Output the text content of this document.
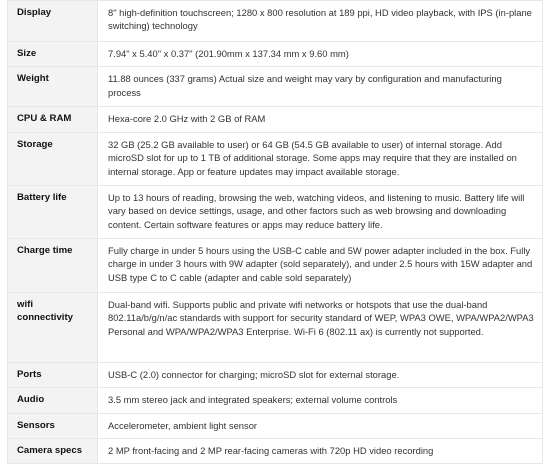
Display	8" high-definition touchscreen; 1280 x 800 resolution at 189 ppi, HD video playback, with IPS (in-plane switching) technology
Size	7.94" x 5.40" x 0.37" (201.90mm x 137.34 mm x 9.60 mm)
Weight	11.88 ounces (337 grams) Actual size and weight may vary by configuration and manufacturing process
CPU & RAM	Hexa-core 2.0 GHz with 2 GB of RAM
Storage	32 GB (25.2 GB available to user) or 64 GB (54.5 GB available to user) of internal storage. Add microSD slot for up to 1 TB of additional storage. Some apps may require that they are installed on internal storage. App or feature updates may impact available storage.
Battery life	Up to 13 hours of reading, browsing the web, watching videos, and listening to music. Battery life will vary based on device settings, usage, and other factors such as web browsing and downloading content. Certain software features or apps may reduce battery life.
Charge time	Fully charge in under 5 hours using the USB-C cable and 5W power adapter included in the box. Fully charge in under 3 hours with 9W adapter (sold separately), and under 2.5 hours with 15W adapter and USB type C to C cable (adapter and cable sold separately)
wifi connectivity	Dual-band wifi. Supports public and private wifi networks or hotspots that use the dual-band 802.11a/b/g/n/ac standards with support for security standard of WEP, WPA3 OWE, WPA/WPA2/WPA3 Personal and WPA/WPA2/WPA3 Enterprise. Wi-Fi 6 (802.11 ax) is currently not supported.
Ports	USB-C (2.0) connector for charging; microSD slot for external storage.
Audio	3.5 mm stereo jack and integrated speakers; external volume controls
Sensors	Accelerometer, ambient light sensor
Camera specs	2 MP front-facing and 2 MP rear-facing cameras with 720p HD video recording
